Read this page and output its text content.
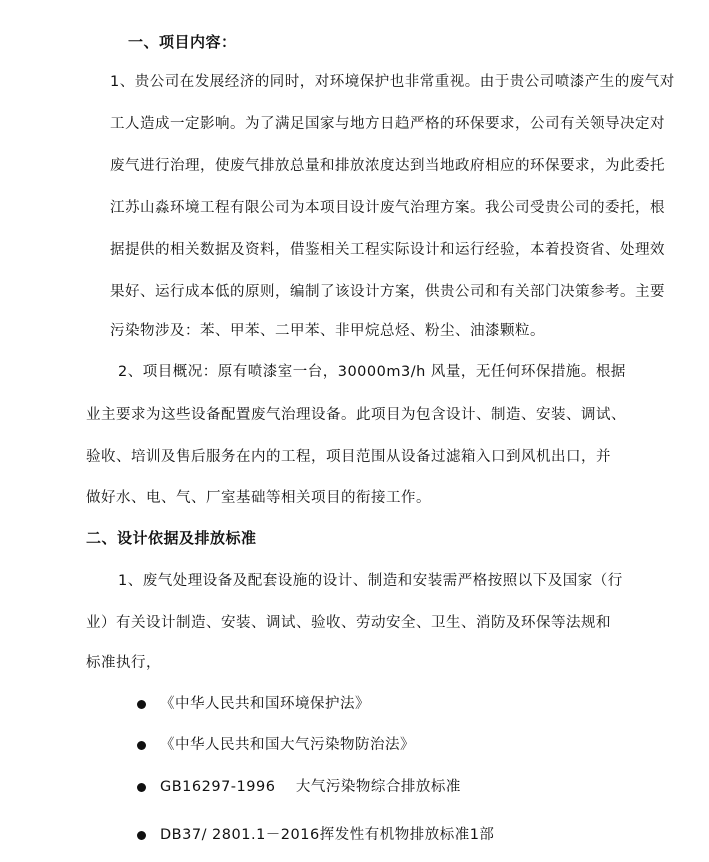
一、项目内容：
1、贵公司在发展经济的同时，对环境保护也非常重视。由于贵公司喷漆产生的废气对
工人造成一定影响。为了满足国家与地方日趋严格的环保要求，公司有关领导决定对
废气进行治理，使废气排放总量和排放浓度达到当地政府相应的环保要求，为此委托
江苏山淼环境工程有限公司为本项目设计废气治理方案。我公司受贵公司的委托，根
据提供的相关数据及资料，借鉴相关工程实际设计和运行经验，本着投资省、处理效
果好、运行成本低的原则，编制了该设计方案，供贵公司和有关部门决策参考。主要
污染物涉及：苯、甲苯、二甲苯、非甲烷总烃、粉尘、油漆颗粒。
2、项目概况：原有喷漆室一台，30000m3/h 风量，无任何环保措施。根据
业主要求为这些设备配置废气治理设备。此项目为包含设计、制造、安装、调试、
验收、培训及售后服务在内的工程，项目范围从设备过滤箱入口到风机出口，并
做好水、电、气、厂室基础等相关项目的衔接工作。
二、设计依据及排放标准
1、废气处理设备及配套设施的设计、制造和安装需严格按照以下及国家（行
业）有关设计制造、安装、调试、验收、劳动安全、卫生、消防及环保等法规和
标准执行，
《中华人民共和国环境保护法》
《中华人民共和国大气污染物防治法》
GB16297-1996    大气污染物综合排放标准
DB37/ 2801.1－2016挥发性有机物排放标准1部
